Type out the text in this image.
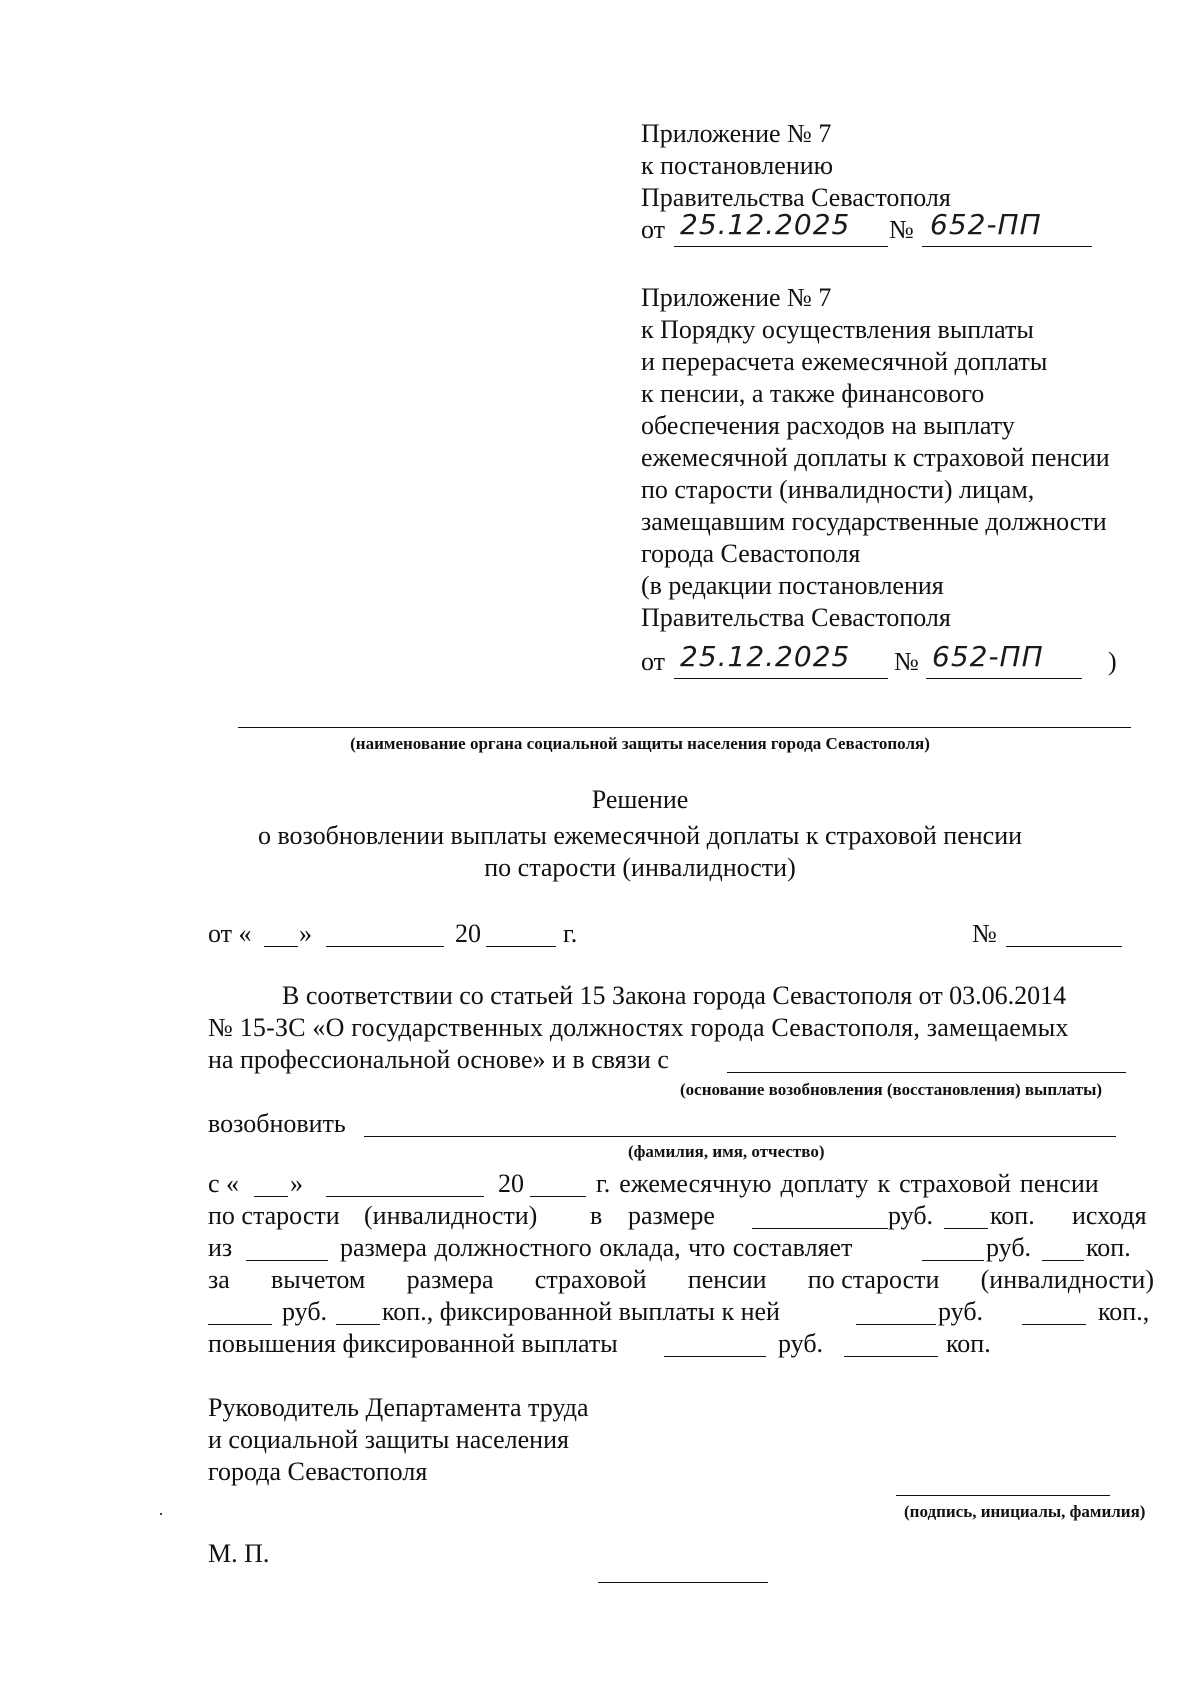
Приложение № 7
к постановлению
Правительства Севастополя
от 25.12.2025 № 652-ПП
Приложение № 7
к Порядку осуществления выплаты
и перерасчета ежемесячной доплаты
к пенсии, а также финансового
обеспечения расходов на выплату
ежемесячной доплаты к страховой пенсии
по старости (инвалидности) лицам,
замещавшим государственные должности
города Севастополя
(в редакции постановления
Правительства Севастополя
от 25.12.2025 № 652-ПП )
(наименование органа социальной защиты населения города Севастополя)
Решение
о возобновлении выплаты ежемесячной доплаты к страховой пенсии
по старости (инвалидности)
от « »	20	г.	№
В соответствии со статьей 15 Закона города Севастополя от 03.06.2014
№ 15-ЗС «О государственных должностях города Севастополя, замещаемых
на профессиональной основе» и в связи с
(основание возобновления (восстановления) выплаты)
возобновить
(фамилия, имя, отчество)
с « »	20	г. ежемесячную доплату к страховой пенсии
по старости (инвалидности) в размере	руб. коп. исходя
из	размера должностного оклада, что составляет	руб. коп.
за вычетом размера страховой пенсии по старости (инвалидности)
руб. коп., фиксированной выплаты к ней	руб.	коп.,
повышения фиксированной выплаты	руб.	коп.
Руководитель Департамента труда
и социальной защиты населения
города Севастополя
(подпись, инициалы, фамилия)
М. П.
